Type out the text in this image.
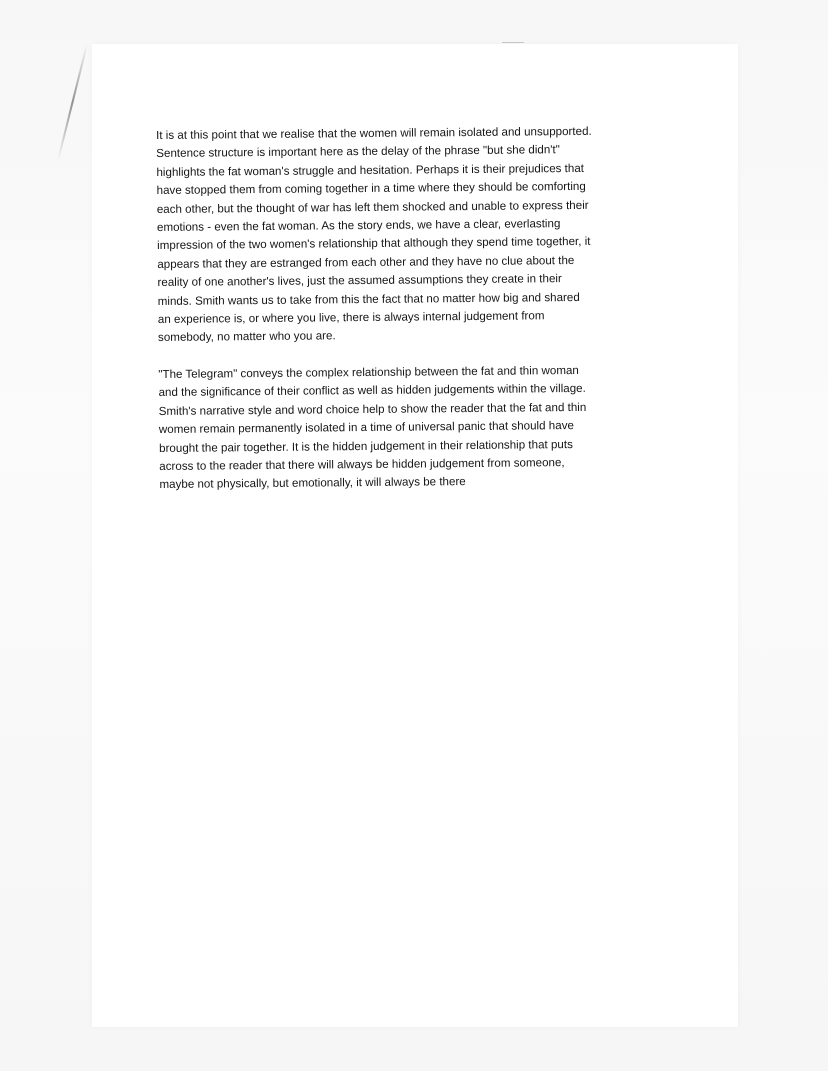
It is at this point that we realise that the women will remain isolated and unsupported.
Sentence structure is important here as the delay of the phrase "but she didn't"
highlights the fat woman's struggle and hesitation. Perhaps it is their prejudices that
have stopped them from coming together in a time where they should be comforting
each other, but the thought of war has left them shocked and unable to express their
emotions - even the fat woman. As the story ends, we have a clear, everlasting
impression of the two women's relationship that although they spend time together, it
appears that they are estranged from each other and they have no clue about the
reality of one another's lives, just the assumed assumptions they create in their
minds. Smith wants us to take from this the fact that no matter how big and shared
an experience is, or where you live, there is always internal judgement from
somebody, no matter who you are.

"The Telegram" conveys the complex relationship between the fat and thin woman
and the significance of their conflict as well as hidden judgements within the village.
Smith's narrative style and word choice help to show the reader that the fat and thin
women remain permanently isolated in a time of universal panic that should have
brought the pair together. It is the hidden judgement in their relationship that puts
across to the reader that there will always be hidden judgement from someone,
maybe not physically, but emotionally, it will always be there
